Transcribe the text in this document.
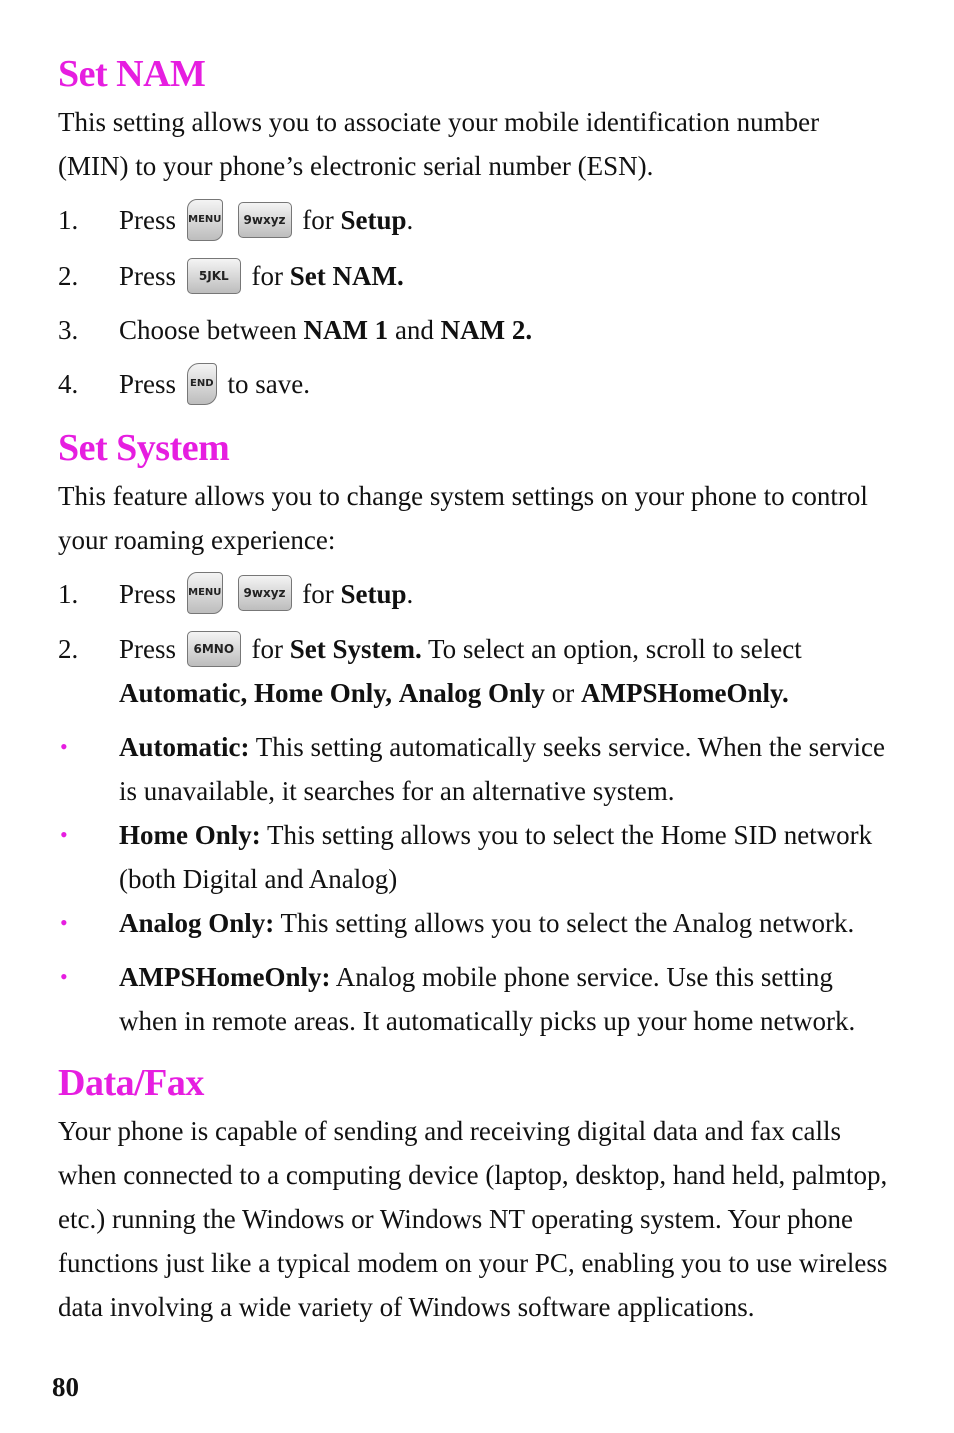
Set NAM

This setting allows you to associate your mobile identification number (MIN) to your phone’s electronic serial number (ESN).

1. Press MENU
	9wxyz for Setup.
2. Press	5JKL for Set NAM.
3. Choose between NAM 1 and NAM 2.
4. Press END to save.
Set System

This feature allows you to change system settings on your phone to control your roaming experience:

1. Press MENU
	9wxyz for Setup.
2. Press	6MNO for Set System. To select an option, scroll to select Automatic, Home Only, Analog Only or AMPSHomeOnly.
• Automatic: This setting automatically seeks service. When the service is unavailable, it searches for an alternative system.
• Home Only: This setting allows you to select the Home SID network (both Digital and Analog)
• Analog Only: This setting allows you to select the Analog network.
• AMPSHomeOnly: Analog mobile phone service. Use this setting when in remote areas. It automatically picks up your home network.
Data/Fax

Your phone is capable of sending and receiving digital data and fax calls when connected to a computing device (laptop, desktop, hand held, palmtop, etc.) running the Windows or Windows NT operating system. Your phone functions just like a typical modem on your PC, enabling you to use wireless data involving a wide variety of Windows software applications.

80
